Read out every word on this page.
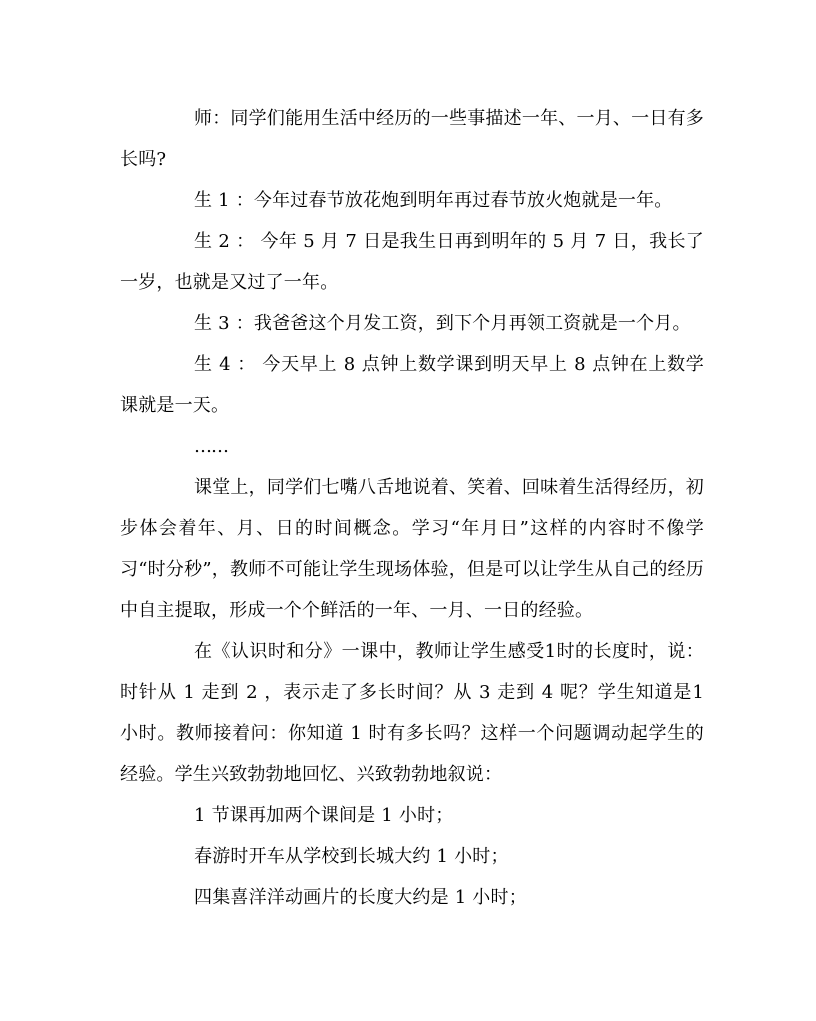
师：同学们能用生活中经历的一些事描述一年、一月、一日有多长吗?

生 1 ：今年过春节放花炮到明年再过春节放火炮就是一年。

生 2 ： 今年 5 月 7 日是我生日再到明年的 5 月 7 日，我长了一岁，也就是又过了一年。

生 3 ：我爸爸这个月发工资，到下个月再领工资就是一个月。

生 4 ： 今天早上 8 点钟上数学课到明天早上 8 点钟在上数学课就是一天。

……

课堂上，同学们七嘴八舌地说着、笑着、回味着生活得经历，初步体会着年、月、日的时间概念。学习“年月日”这样的内容时不像学习“时分秒”，教师不可能让学生现场体验，但是可以让学生从自己的经历中自主提取，形成一个个鲜活的一年、一月、一日的经验。

在《认识时和分》一课中，教师让学生感受1时的长度时，说：时针从 1 走到 2 ，表示走了多长时间？从 3 走到 4 呢？学生知道是1 小时。教师接着问：你知道 1 时有多长吗？这样一个问题调动起学生的经验。学生兴致勃勃地回忆、兴致勃勃地叙说：

1 节课再加两个课间是 1 小时；

春游时开车从学校到长城大约 1 小时；

四集喜洋洋动画片的长度大约是 1 小时；
